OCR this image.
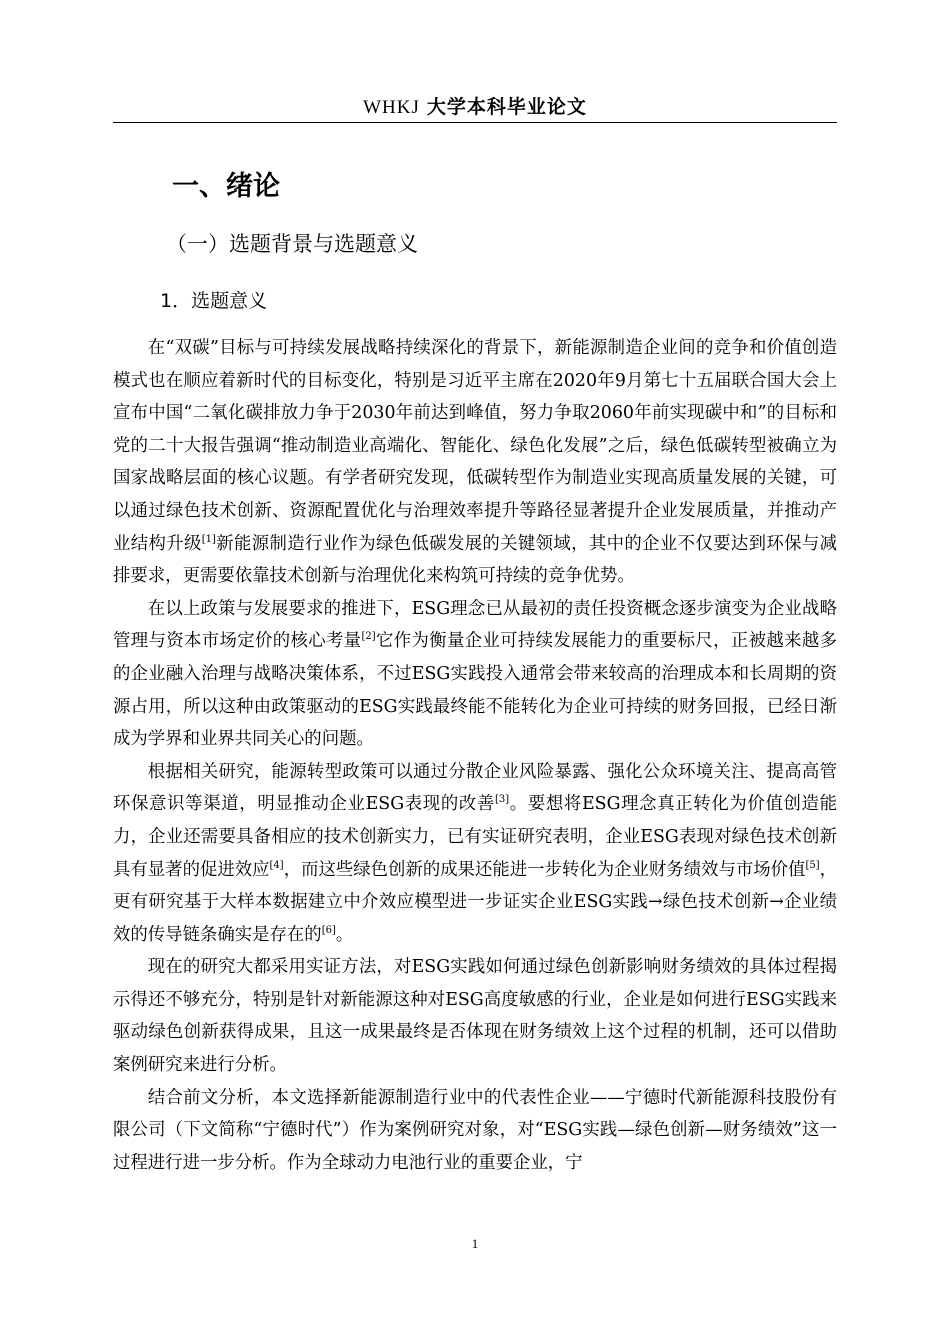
WHKJ 大学本科毕业论文
一、绪论
（一）选题背景与选题意义
1．选题意义

在“双碳”目标与可持续发展战略持续深化的背景下，新能源制造企业间的竞争和价值创造模式也在顺应着新时代的目标变化，特别是习近平主席在2020年9月第七十五届联合国大会上宣布中国“二氧化碳排放力争于2030年前达到峰值，努力争取2060年前实现碳中和”的目标和党的二十大报告强调“推动制造业高端化、智能化、绿色化发展”之后，绿色低碳转型被确立为国家战略层面的核心议题。有学者研究发现，低碳转型作为制造业实现高质量发展的关键，可以通过绿色技术创新、资源配置优化与治理效率提升等路径显著提升企业发展质量，并推动产业结构升级[1]新能源制造行业作为绿色低碳发展的关键领域，其中的企业不仅要达到环保与减排要求，更需要依靠技术创新与治理优化来构筑可持续的竞争优势。

在以上政策与发展要求的推进下，ESG理念已从最初的责任投资概念逐步演变为企业战略管理与资本市场定价的核心考量[2]它作为衡量企业可持续发展能力的重要标尺，正被越来越多的企业融入治理与战略决策体系，不过ESG实践投入通常会带来较高的治理成本和长周期的资源占用，所以这种由政策驱动的ESG实践最终能不能转化为企业可持续的财务回报，已经日渐成为学界和业界共同关心的问题。

根据相关研究，能源转型政策可以通过分散企业风险暴露、强化公众环境关注、提高高管环保意识等渠道，明显推动企业ESG表现的改善[3]。要想将ESG理念真正转化为价值创造能力，企业还需要具备相应的技术创新实力，已有实证研究表明，企业ESG表现对绿色技术创新具有显著的促进效应[4]，而这些绿色创新的成果还能进一步转化为企业财务绩效与市场价值[5]，更有研究基于大样本数据建立中介效应模型进一步证实企业ESG实践→绿色技术创新→企业绩效的传导链条确实是存在的[6]。

现在的研究大都采用实证方法，对ESG实践如何通过绿色创新影响财务绩效的具体过程揭示得还不够充分，特别是针对新能源这种对ESG高度敏感的行业，企业是如何进行ESG实践来驱动绿色创新获得成果，且这一成果最终是否体现在财务绩效上这个过程的机制，还可以借助案例研究来进行分析。

结合前文分析，本文选择新能源制造行业中的代表性企业——宁德时代新能源科技股份有限公司（下文简称“宁德时代”）作为案例研究对象，对“ESG实践—绿色创新—财务绩效”这一过程进行进一步分析。作为全球动力电池行业的重要企业，宁

1
